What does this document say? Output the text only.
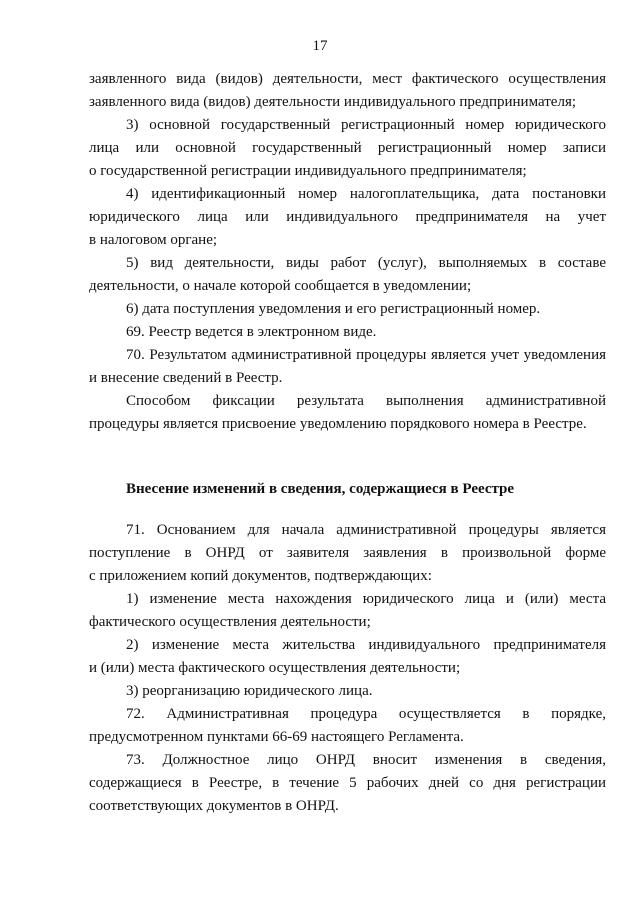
17
заявленного вида (видов) деятельности, мест фактического осуществления
заявленного вида (видов) деятельности индивидуального предпринимателя;
3) основной государственный регистрационный номер юридического
лица или основной государственный регистрационный номер записи
о государственной регистрации индивидуального предпринимателя;
4) идентификационный номер налогоплательщика, дата постановки
юридического лица или индивидуального предпринимателя на учет
в налоговом органе;
5) вид деятельности, виды работ (услуг), выполняемых в составе
деятельности, о начале которой сообщается в уведомлении;
6) дата поступления уведомления и его регистрационный номер.
69. Реестр ведется в электронном виде.
70. Результатом административной процедуры является учет уведомления
и внесение сведений в Реестр.
Способом фиксации результата выполнения административной
процедуры является присвоение уведомлению порядкового номера в Реестре.
Внесение изменений в сведения, содержащиеся в Реестре
71. Основанием для начала административной процедуры является
поступление в ОНРД от заявителя заявления в произвольной форме
с приложением копий документов, подтверждающих:
1) изменение места нахождения юридического лица и (или) места
фактического осуществления деятельности;
2) изменение места жительства индивидуального предпринимателя
и (или) места фактического осуществления деятельности;
3) реорганизацию юридического лица.
72. Административная процедура осуществляется в порядке,
предусмотренном пунктами 66-69 настоящего Регламента.
73. Должностное лицо ОНРД вносит изменения в сведения,
содержащиеся в Реестре, в течение 5 рабочих дней со дня регистрации
соответствующих документов в ОНРД.
